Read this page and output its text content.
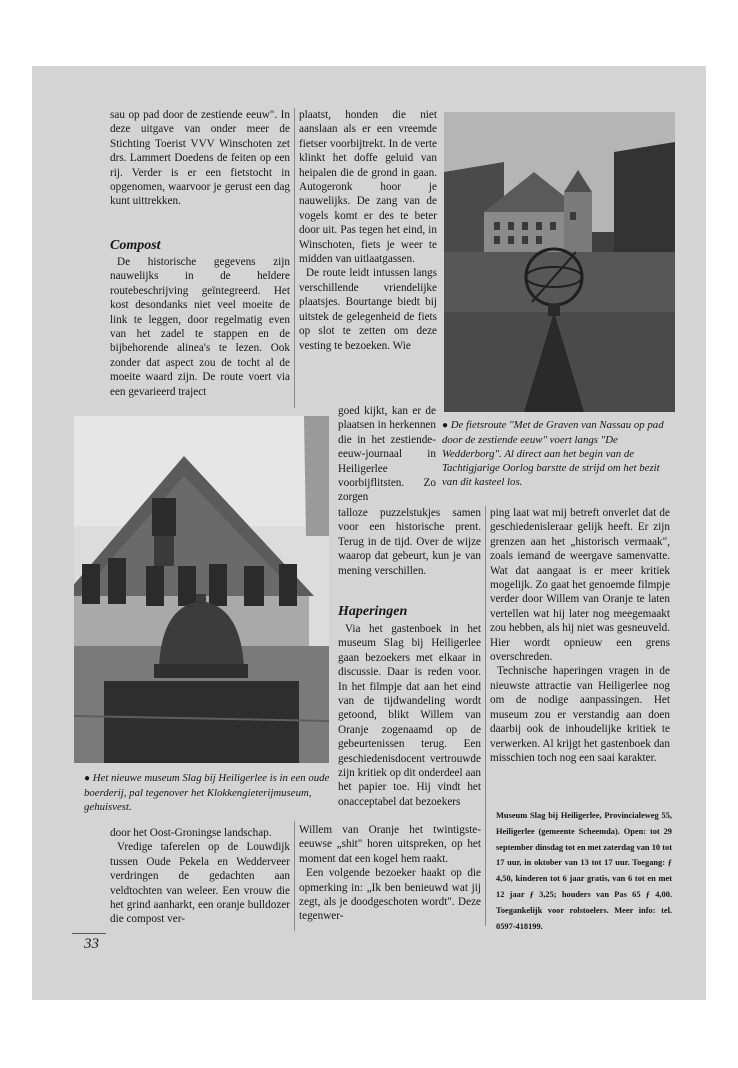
sau op pad door de zestiende eeuw". In deze uitgave van onder meer de Stichting Toerist VVV Winschoten zet drs. Lammert Doedens de feiten op een rij. Verder is er een fietstocht in opgenomen, waarvoor je gerust een dag kunt uittrekken.

Compost

De historische gegevens zijn nauwelijks in de heldere routebeschrijving geïntegreerd. Het kost desondanks niet veel moeite de link te leggen, door regelmatig even van het zadel te stappen en de bijbehorende alinea's te lezen. Ook zonder dat aspect zou de tocht al de moeite waard zijn. De route voert via een gevarieerd traject

plaatst, honden die niet aanslaan als er een vreemde fietser voorbijtrekt. In de verte klinkt het doffe geluid van heipalen die de grond in gaan. Autogeronk hoor je nauwelijks. De zang van de vogels komt er des te beter door uit. Pas tegen het eind, in Winschoten, fiets je weer te midden van uitlaatgassen.

De route leidt intussen langs verschillende vriendelijke plaatsjes. Bourtange biedt bij uitstek de gelegenheid de fiets op slot te zetten om deze vesting te bezoeken. Wie

goed kijkt, kan er de plaatsen in herkennen die in het zestiende-eeuw-journaal in Heiligerlee voorbijflitsten. Zo zorgen

talloze puzzelstukjes samen voor een historische prent. Terug in de tijd. Over de wijze waarop dat gebeurt, kun je van mening verschillen.

Haperingen

Via het gastenboek in het museum Slag bij Heiligerlee gaan bezoekers met elkaar in discussie. Daar is reden voor. In het filmpje dat aan het eind van de tijdwandeling wordt getoond, blikt Willem van Oranje zogenaamd op de gebeurtenissen terug. Een geschiedenisdocent vertrouwde zijn kritiek op dit onderdeel aan het papier toe. Hij vindt het onacceptabel dat bezoekers

Willem van Oranje het twintigste-eeuwse „shit" horen uitspreken, op het moment dat een kogel hem raakt.

Een volgende bezoeker haakt op die opmerking in: „Ik ben benieuwd wat jij zegt, als je doodgeschoten wordt". Deze tegenwer-

ping laat wat mij betreft onverlet dat de geschiedenisleraar gelijk heeft. Er zijn grenzen aan het „historisch vermaak", zoals iemand de weergave samenvatte. Wat dat aangaat is er meer kritiek mogelijk. Zo gaat het genoemde filmpje verder door Willem van Oranje te laten vertellen wat hij later nog meegemaakt zou hebben, als hij niet was gesneuveld. Hier wordt opnieuw een grens overschreden.

Technische haperingen vragen in de nieuwste attractie van Heiligerlee nog om de nodige aanpassingen. Het museum zou er verstandig aan doen daarbij ook de inhoudelijke kritiek te verwerken. Al krijgt het gastenboek dan misschien toch nog een saai karakter.

Museum Slag bij Heiligerlee, Provincialeweg 55, Heiligerlee (gemeente Scheemda). Open: tot 29 september dinsdag tot en met zaterdag van 10 tot 17 uur, in oktober van 13 tot 17 uur. Toegang: ƒ 4,50, kinderen tot 6 jaar gratis, van 6 tot en met 12 jaar ƒ 3,25; houders van Pas 65 ƒ 4,00. Toegankelijk voor rolstoelers. Meer info: tel. 0597-418199.

door het Oost-Groningse landschap.

Vredige taferelen op de Louwdijk tussen Oude Pekela en Wedderveer verdringen de gedachten aan veldtochten van weleer. Een vrouw die het grind aanharkt, een oranje bulldozer die compost ver-

33
● De fietsroute "Met de Graven van Nassau op pad door de zestiende eeuw" voert langs "De Wedderborg". Al direct aan het begin van de Tachtigjarige Oorlog barstte de strijd om het bezit van dit kasteel los.
● Het nieuwe museum Slag bij Heiligerlee is in een oude boerderij, pal tegenover het Klokkengieterijmuseum, gehuisvest.
